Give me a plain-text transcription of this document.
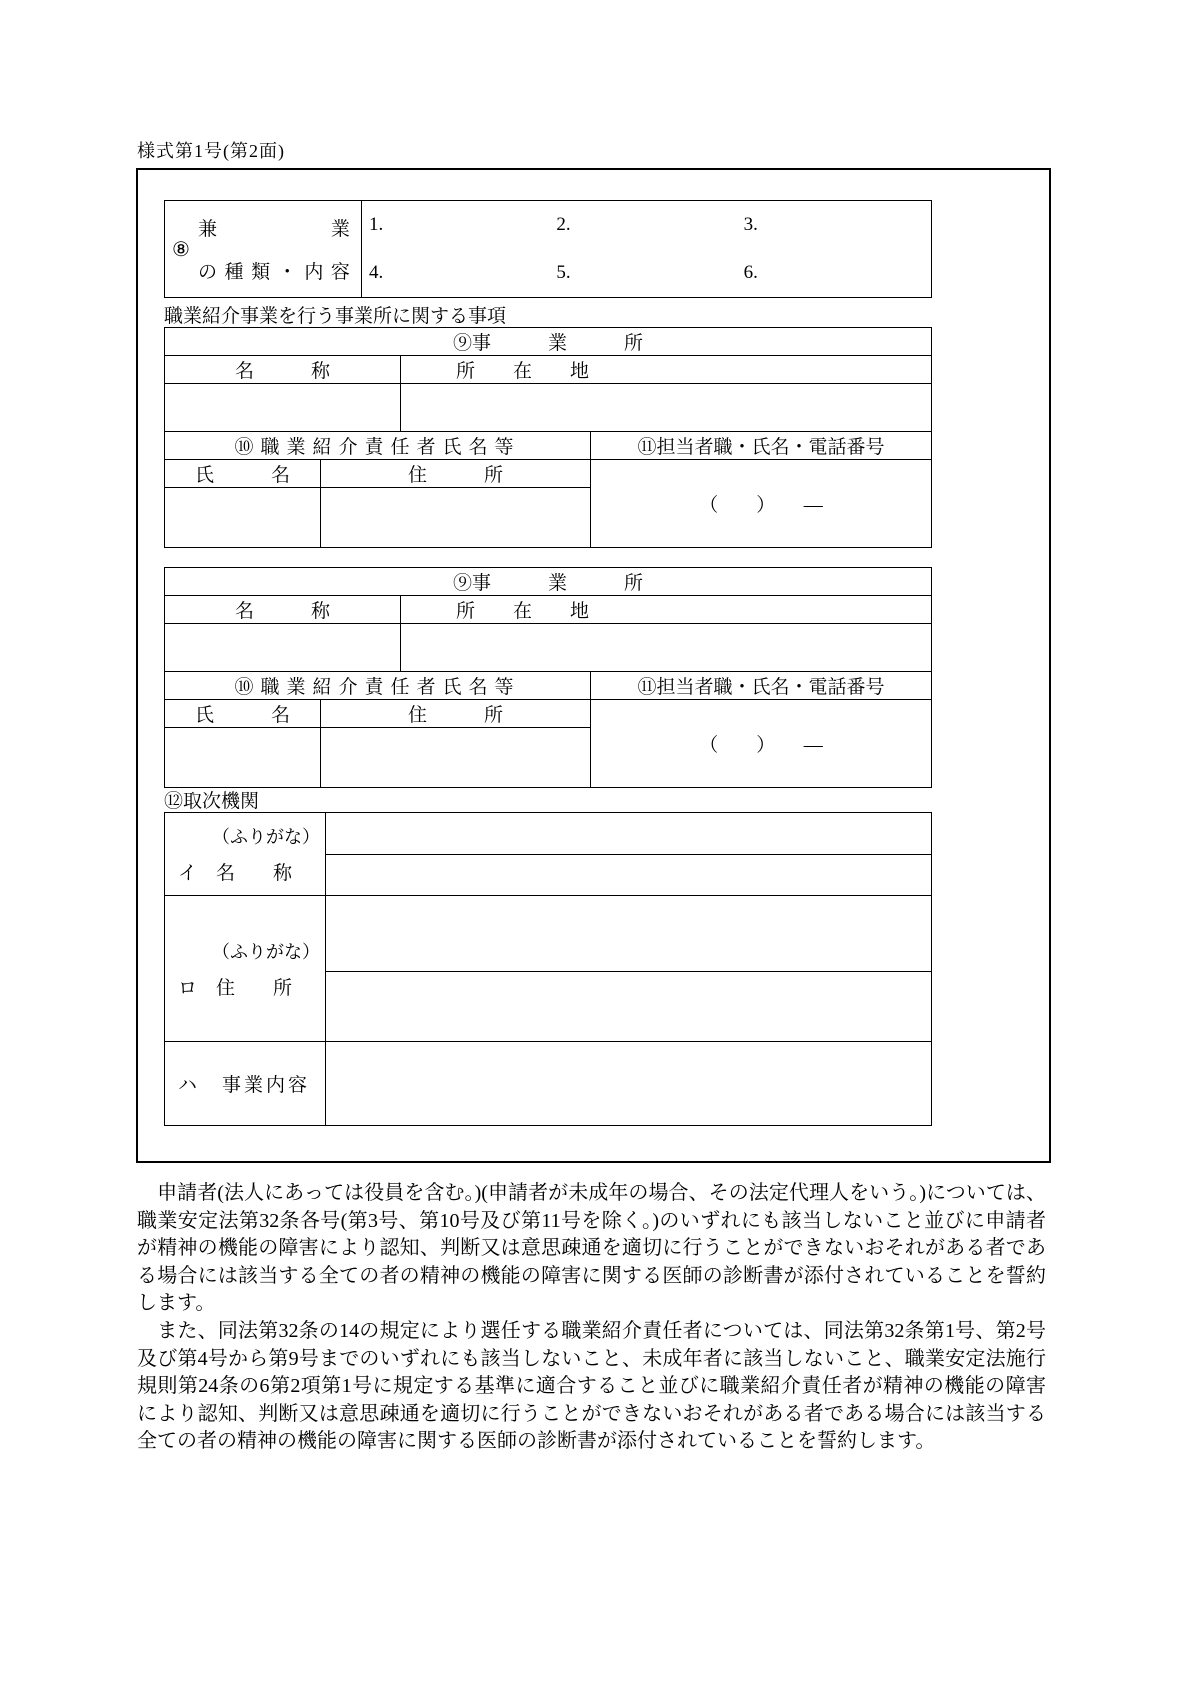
様式第1号(第2面)
⑧
兼業
の種類・内容

1.	2.	3.
4.	5.	6.
職業紹介事業を行う事業所に関する事項
⑨事　　　業　　　所			
名　　　称		所　　在　　地	

⑩職業紹介責任者氏名等			⑪担当者職・氏名・電話番号
氏　　　名	住　　　所		（　　）　　―

⑨事　　　業　　　所			
名　　　称		所　　在　　地	

⑩職業紹介責任者氏名等			⑪担当者職・氏名・電話番号
氏　　　名	住　　　所		（　　）　　―

⑫取次機関
（ふりがな）
イ　名　　称	

（ふりがな）
ロ　住　　所	

ハ　事業内容	

　申請者(法人にあっては役員を含む。)(申請者が未成年の場合、その法定代理人をいう。)については、職業安定法第32条各号(第3号、第10号及び第11号を除く。)のいずれにも該当しないこと並びに申請者が精神の機能の障害により認知、判断又は意思疎通を適切に行うことができないおそれがある者である場合には該当する全ての者の精神の機能の障害に関する医師の診断書が添付されていることを誓約します。

　また、同法第32条の14の規定により選任する職業紹介責任者については、同法第32条第1号、第2号及び第4号から第9号までのいずれにも該当しないこと、未成年者に該当しないこと、職業安定法施行規則第24条の6第2項第1号に規定する基準に適合すること並びに職業紹介責任者が精神の機能の障害により認知、判断又は意思疎通を適切に行うことができないおそれがある者である場合には該当する全ての者の精神の機能の障害に関する医師の診断書が添付されていることを誓約します。
